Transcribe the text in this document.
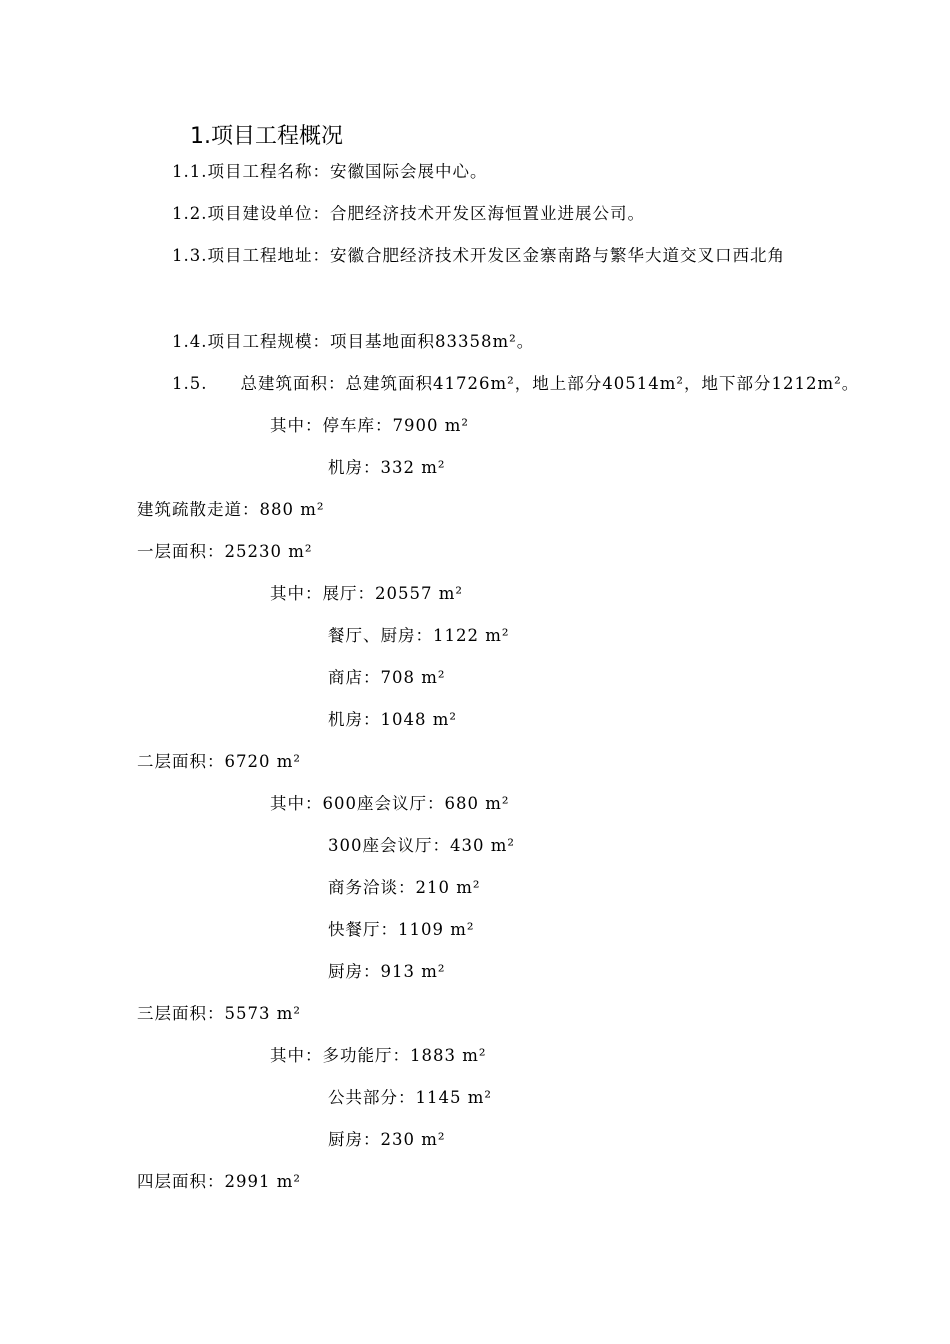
1.项目工程概况
1.1.项目工程名称：安徽国际会展中心。
1.2.项目建设单位：合肥经济技术开发区海恒置业进展公司。
1.3.项目工程地址：安徽合肥经济技术开发区金寨南路与繁华大道交叉口西北角
1.4.项目工程规模：项目基地面积83358m²。
1.5. 总建筑面积：总建筑面积41726m²，地上部分40514m²，地下部分1212m²。
其中：停车库：7900 m²
机房：332 m²
建筑疏散走道：880 m²
一层面积：25230 m²
其中：展厅：20557 m²
餐厅、厨房：1122 m²
商店：708 m²
机房：1048 m²
二层面积：6720 m²
其中：600座会议厅：680 m²
300座会议厅：430 m²
商务洽谈：210 m²
快餐厅：1109 m²
厨房：913 m²
三层面积：5573 m²
其中：多功能厅：1883 m²
公共部分：1145 m²
厨房：230 m²
四层面积：2991 m²
